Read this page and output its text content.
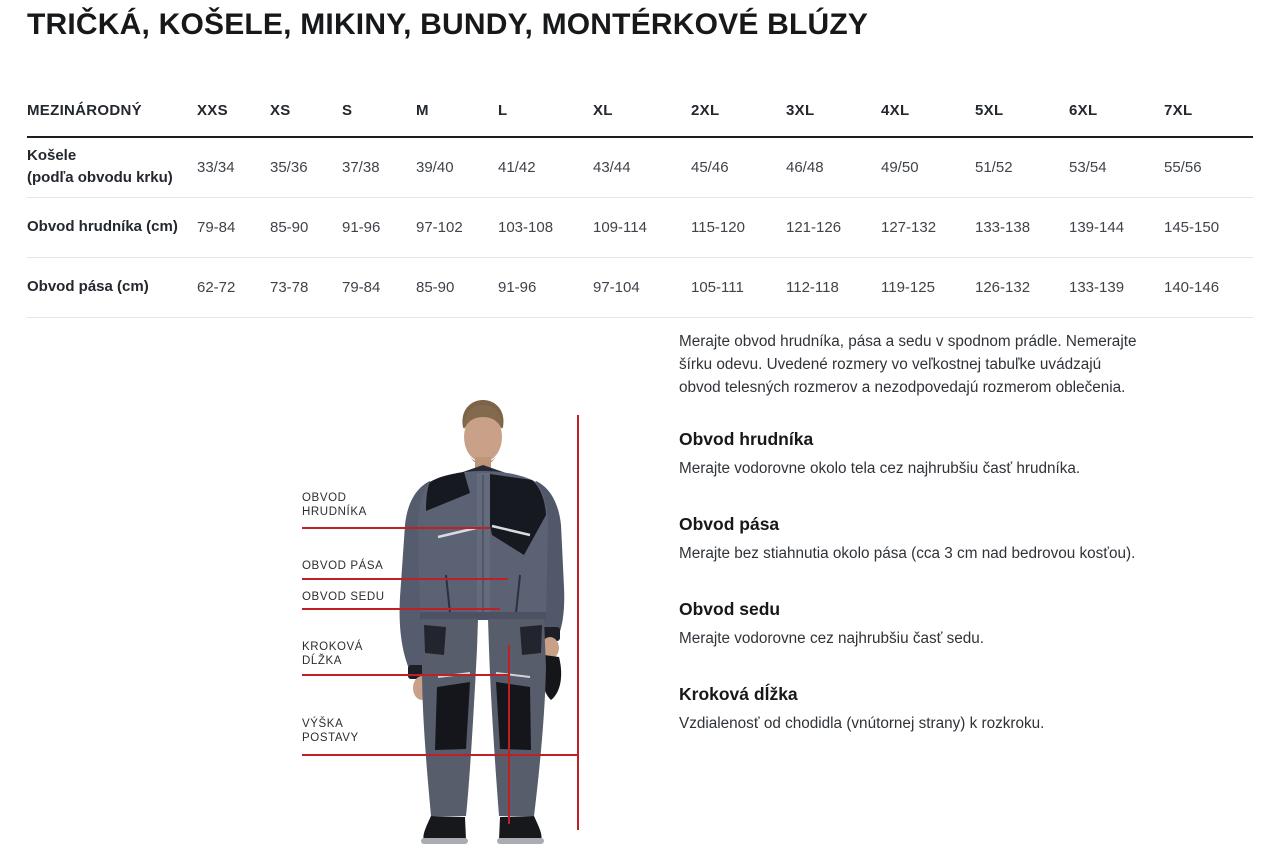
TRIČKÁ, KOŠELE, MIKINY, BUNDY, MONTÉRKOVÉ BLÚZY
MEZINÁRODNÝ	XXS	XS	S	M	L	XL	2XL	3XL	4XL	5XL	6XL	7XL

Košele
(podľa obvodu krku)	33/34	35/36	37/38	39/40	41/42	43/44	45/46	46/48	49/50	51/52	53/54	55/56

Obvod hrudníka (cm)	79-84	85-90	91-96	97-102	103-108	109-114	115-120	121-126	127-132	133-138	139-144	145-150

Obvod pása (cm)	62-72	73-78	79-84	85-90	91-96	97-104	105-111	112-118	119-125	126-132	133-139	140-146
OBVOD
HRUDNÍKA
OBVOD PÁSA
OBVOD SEDU
KROKOVÁ
DĹŽKA
VÝŠKA
POSTAVY

Merajte obvod hrudníka, pása a sedu v spodnom prádle. Nemerajte šírku odevu. Uvedené rozmery vo veľkostnej tabuľke uvádzajú obvod telesných rozmerov a nezodpovedajú rozmerom oblečenia.

Obvod hrudníka

Merajte vodorovne okolo tela cez najhrubšiu časť hrudníka.

Obvod pása

Merajte bez stiahnutia okolo pása (cca 3 cm nad bedrovou kosťou).

Obvod sedu

Merajte vodorovne cez najhrubšiu časť sedu.

Kroková dĺžka

Vzdialenosť od chodidla (vnútornej strany) k rozkroku.
